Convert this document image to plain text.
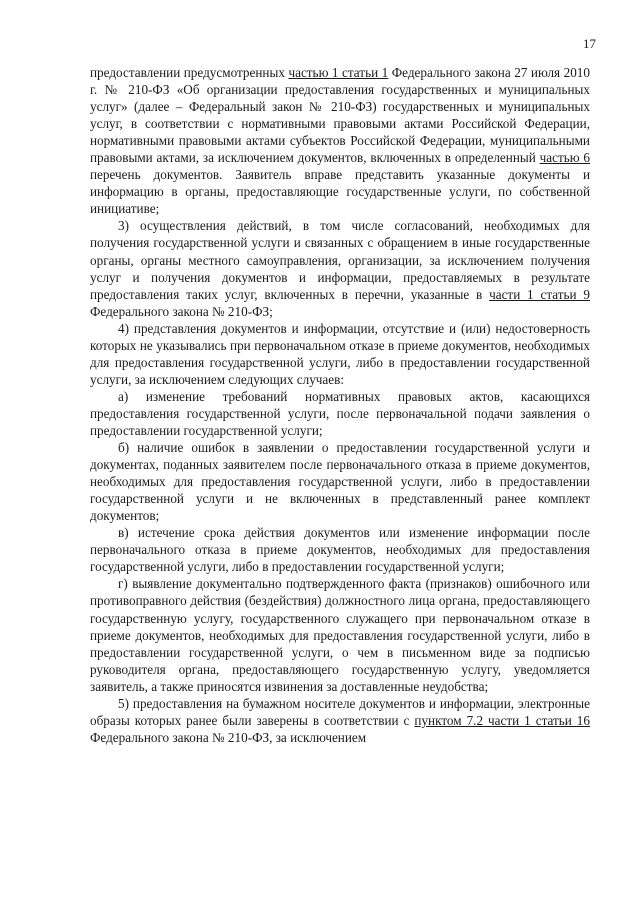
17

предоставлении предусмотренных частью 1 статьи 1 Федерального закона 27 июля 2010 г. № 210-ФЗ «Об организации предоставления государственных и муниципальных услуг» (далее – Федеральный закон № 210-ФЗ) государственных и муниципальных услуг, в соответствии с нормативными правовыми актами Российской Федерации, нормативными правовыми актами субъектов Российской Федерации, муниципальными правовыми актами, за исключением документов, включенных в определенный частью 6 перечень документов. Заявитель вправе представить указанные документы и информацию в органы, предоставляющие государственные услуги, по собственной инициативе;

3) осуществления действий, в том числе согласований, необходимых для получения государственной услуги и связанных с обращением в иные государственные органы, органы местного самоуправления, организации, за исключением получения услуг и получения документов и информации, предоставляемых в результате предоставления таких услуг, включенных в перечни, указанные в части 1 статьи 9 Федерального закона № 210-ФЗ;

4) представления документов и информации, отсутствие и (или) недостоверность которых не указывались при первоначальном отказе в приеме документов, необходимых для предоставления государственной услуги, либо в предоставлении государственной услуги, за исключением следующих случаев:

а) изменение требований нормативных правовых актов, касающихся предоставления государственной услуги, после первоначальной подачи заявления о предоставлении государственной услуги;

б) наличие ошибок в заявлении о предоставлении государственной услуги и документах, поданных заявителем после первоначального отказа в приеме документов, необходимых для предоставления государственной услуги, либо в предоставлении государственной услуги и не включенных в представленный ранее комплект документов;

в) истечение срока действия документов или изменение информации после первоначального отказа в приеме документов, необходимых для предоставления государственной услуги, либо в предоставлении государственной услуги;

г) выявление документально подтвержденного факта (признаков) ошибочного или противоправного действия (бездействия) должностного лица органа, предоставляющего государственную услугу, государственного служащего при первоначальном отказе в приеме документов, необходимых для предоставления государственной услуги, либо в предоставлении государственной услуги, о чем в письменном виде за подписью руководителя органа, предоставляющего государственную услугу, уведомляется заявитель, а также приносятся извинения за доставленные неудобства;

5) предоставления на бумажном носителе документов и информации, электронные образы которых ранее были заверены в соответствии с пунктом 7.2 части 1 статьи 16 Федерального закона № 210-ФЗ, за исключением
